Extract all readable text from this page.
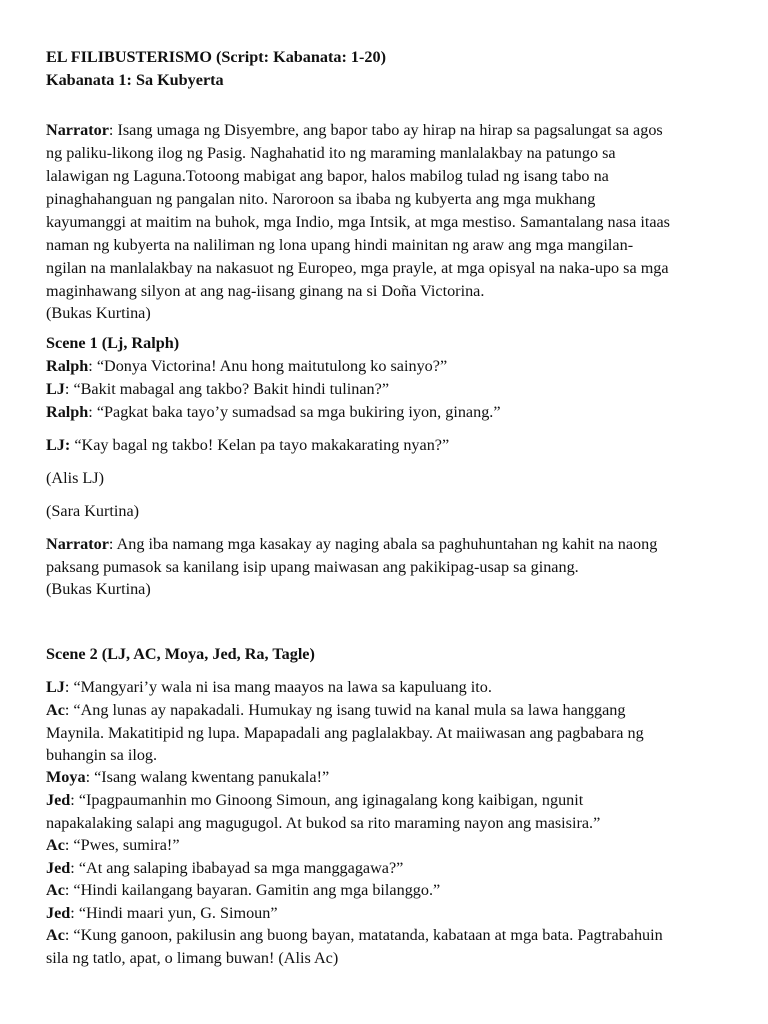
EL FILIBUSTERISMO (Script: Kabanata: 1-20)
Kabanata 1: Sa Kubyerta
Narrator: Isang umaga ng Disyembre, ang bapor tabo ay hirap na hirap sa pagsalungat sa agos
ng paliku-likong ilog ng Pasig. Naghahatid ito ng maraming manlalakbay na patungo sa
lalawigan ng Laguna.Totoong mabigat ang bapor, halos mabilog tulad ng isang tabo na
pinaghahanguan ng pangalan nito. Naroroon sa ibaba ng kubyerta ang mga mukhang
kayumanggi at maitim na buhok, mga Indio, mga Intsik, at mga mestiso. Samantalang nasa itaas
naman ng kubyerta na naliliman ng lona upang hindi mainitan ng araw ang mga mangilan-
ngilan na manlalakbay na nakasuot ng Europeo, mga prayle, at mga opisyal na naka-upo sa mga
maginhawang silyon at ang nag-iisang ginang na si Doña Victorina.
(Bukas Kurtina)
Scene 1 (Lj, Ralph)
Ralph: “Donya Victorina! Anu hong maitutulong ko sainyo?”
LJ: “Bakit mabagal ang takbo? Bakit hindi tulinan?”
Ralph: “Pagkat baka tayo’y sumadsad sa mga bukiring iyon, ginang.”
LJ: “Kay bagal ng takbo! Kelan pa tayo makakarating nyan?”
(Alis LJ)
(Sara Kurtina)
Narrator: Ang iba namang mga kasakay ay naging abala sa paghuhuntahan ng kahit na naong
paksang pumasok sa kanilang isip upang maiwasan ang pakikipag-usap sa ginang.
(Bukas Kurtina)
Scene 2 (LJ, AC, Moya, Jed, Ra, Tagle)
LJ: “Mangyari’y wala ni isa mang maayos na lawa sa kapuluang ito.
Ac: “Ang lunas ay napakadali. Humukay ng isang tuwid na kanal mula sa lawa hanggang
Maynila. Makatitipid ng lupa. Mapapadali ang paglalakbay. At maiiwasan ang pagbabara ng
buhangin sa ilog.
Moya: “Isang walang kwentang panukala!”
Jed: “Ipagpaumanhin mo Ginoong Simoun, ang iginagalang kong kaibigan, ngunit
napakalaking salapi ang magugugol. At bukod sa rito maraming nayon ang masisira.”
Ac: “Pwes, sumira!”
Jed: “At ang salaping ibabayad sa mga manggagawa?”
Ac: “Hindi kailangang bayaran. Gamitin ang mga bilanggo.”
Jed: “Hindi maari yun, G. Simoun”
Ac: “Kung ganoon, pakilusin ang buong bayan, matatanda, kabataan at mga bata. Pagtrabahuin
sila ng tatlo, apat, o limang buwan! (Alis Ac)
